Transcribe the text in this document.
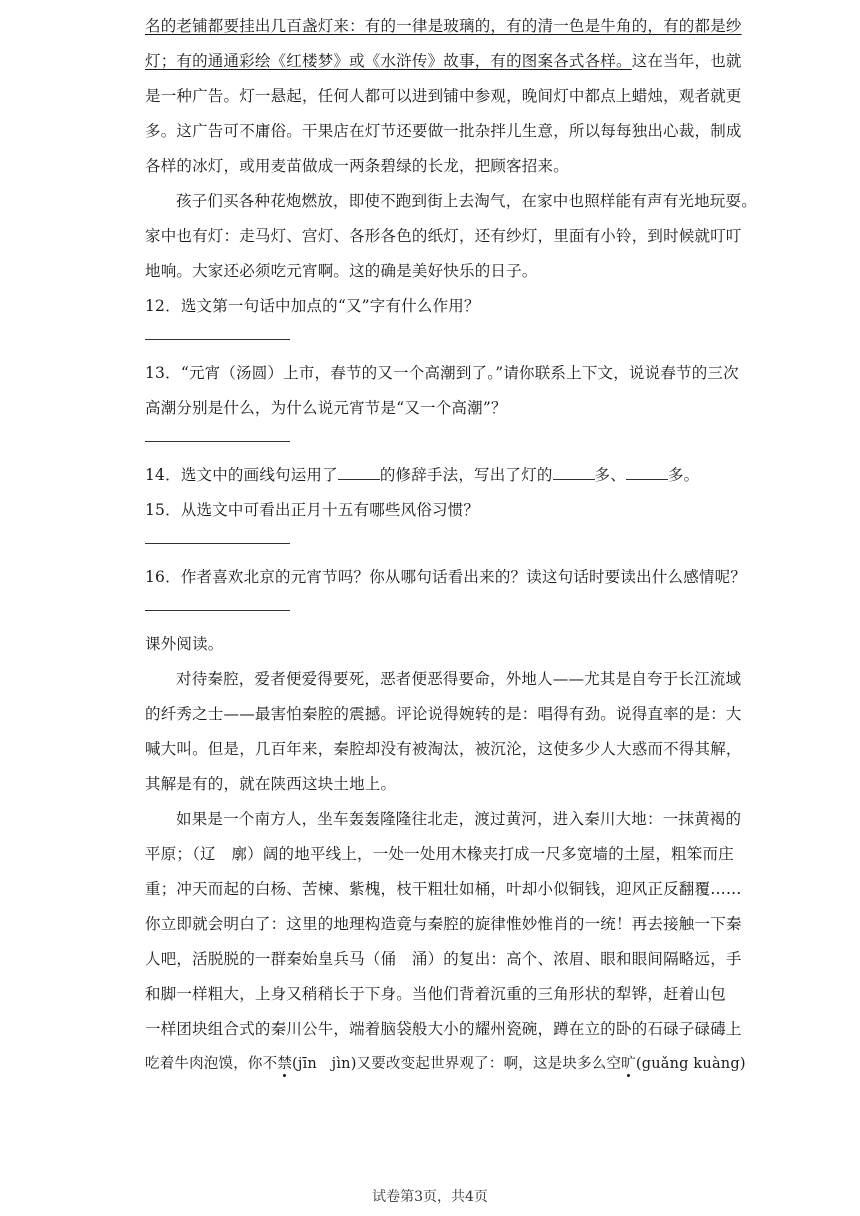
名的老铺都要挂出几百盏灯来：有的一律是玻璃的，有的清一色是牛角的，有的都是纱
灯；有的通通彩绘《红楼梦》或《水浒传》故事，有的图案各式各样。这在当年，也就
是一种广告。灯一悬起，任何人都可以进到铺中参观，晚间灯中都点上蜡烛，观者就更
多。这广告可不庸俗。干果店在灯节还要做一批杂拌儿生意，所以每每独出心裁，制成
各样的冰灯，或用麦苗做成一两条碧绿的长龙，把顾客招来。
孩子们买各种花炮燃放，即使不跑到街上去淘气，在家中也照样能有声有光地玩耍。
家中也有灯：走马灯、宫灯、各形各色的纸灯，还有纱灯，里面有小铃，到时候就叮叮
地响。大家还必须吃元宵啊。这的确是美好快乐的日子。
12．选文第一句话中加点的“又”字有什么作用？
13．“元宵（汤圆）上市，春节的又一个高潮到了。”请你联系上下文，说说春节的三次
高潮分别是什么，为什么说元宵节是“又一个高潮”？
14．选文中的画线句运用了	的修辞手法，写出了灯的	多、	多。
15．从选文中可看出正月十五有哪些风俗习惯？
16．作者喜欢北京的元宵节吗？你从哪句话看出来的？读这句话时要读出什么感情呢？
课外阅读。
对待秦腔，爱者便爱得要死，恶者便恶得要命，外地人——尤其是自夸于长江流域
的纤秀之士——最害怕秦腔的震撼。评论说得婉转的是：唱得有劲。说得直率的是：大
喊大叫。但是，几百年来，秦腔却没有被淘汰，被沉沦，这使多少人大惑而不得其解，
其解是有的，就在陕西这块土地上。
如果是一个南方人，坐车轰轰隆隆往北走，渡过黄河，进入秦川大地：一抹黄褐的
平原；（辽　廓）阔的地平线上，一处一处用木椽夹打成一尺多宽墙的土屋，粗笨而庄
重；冲天而起的白杨、苦楝、紫槐，枝干粗壮如桶，叶却小似铜钱，迎风正反翻覆……
你立即就会明白了：这里的地理构造竟与秦腔的旋律惟妙惟肖的一统！再去接触一下秦
人吧，活脱脱的一群秦始皇兵马（俑　涌）的复出：高个、浓眉、眼和眼间隔略远，手
和脚一样粗大，上身又稍稍长于下身。当他们背着沉重的三角形状的犁铧，赶着山包
一样团块组合式的秦川公牛，端着脑袋般大小的耀州瓷碗，蹲在立的卧的石碌子碌碡上
吃着牛肉泡馍，你不禁(jīn　jìn)又要改变起世界观了：啊，这是块多么空旷(guǎng kuàng)
试卷第3页，共4页
